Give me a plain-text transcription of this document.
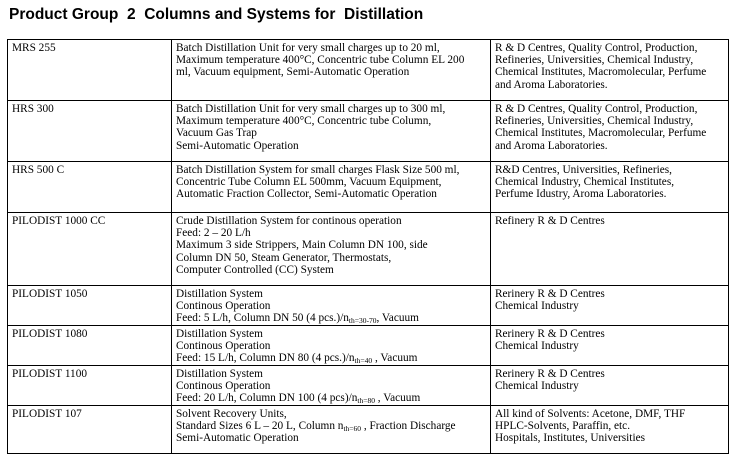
Product Group  2  Columns and Systems for  Distillation
MRS 255	Batch Distillation Unit for very small charges up to 20 ml,
Maximum temperature 400°C, Concentric tube Column EL 200
ml, Vacuum equipment, Semi-Automatic Operation	R & D Centres, Quality Control, Production,
Refineries, Universities, Chemical Industry,
Chemical Institutes, Macromolecular, Perfume
and Aroma Laboratories.

HRS 300	Batch Distillation Unit for very small charges up to 300 ml,
Maximum temperature 400°C, Concentric tube Column,
Vacuum Gas Trap
Semi-Automatic Operation	R & D Centres, Quality Control, Production,
Refineries, Universities, Chemical Industry,
Chemical Institutes, Macromolecular, Perfume
and Aroma Laboratories.

HRS 500 C	Batch Distillation System for small charges Flask Size 500 ml,
Concentric Tube Column EL 500mm, Vacuum Equipment,
Automatic Fraction Collector, Semi-Automatic Operation	R&D Centres, Universities, Refineries,
Chemical Industry, Chemical Institutes,
Perfume Idustry, Aroma Laboratories.

PILODIST 1000 CC	Crude Distillation System for continous operation
Feed: 2 – 20 L/h
Maximum 3 side Strippers, Main Column DN 100, side
Column DN 50, Steam Generator, Thermostats,
Computer Controlled (CC) System	Refinery R & D Centres

PILODIST 1050	Distillation System
Continous Operation
Feed: 5 L/h, Column DN 50 (4 $pcs.)/n_{th=30-70}$, Vacuum	Rerinery R & D Centres
Chemical Industry

PILODIST 1080	Distillation System
Continous Operation
Feed: 15 L/h, Column DN 80 (4 $pcs.)/n_{th=40}$ , Vacuum	Rerinery R & D Centres
Chemical Industry

PILODIST 1100	Distillation System
Continous Operation
Feed: 20 L/h, Column DN 100 (4 $pcs)/n_{th=80}$ , Vacuum	Rerinery R & D Centres
Chemical Industry

PILODIST 107	Solvent Recovery Units,
Standard Sizes 6 L – 20 L, Column $n_{th=60}$ , Fraction Discharge
Semi-Automatic Operation	All kind of Solvents: Acetone, DMF, THF
HPLC-Solvents, Paraffin, etc.
Hospitals, Institutes, Universities
